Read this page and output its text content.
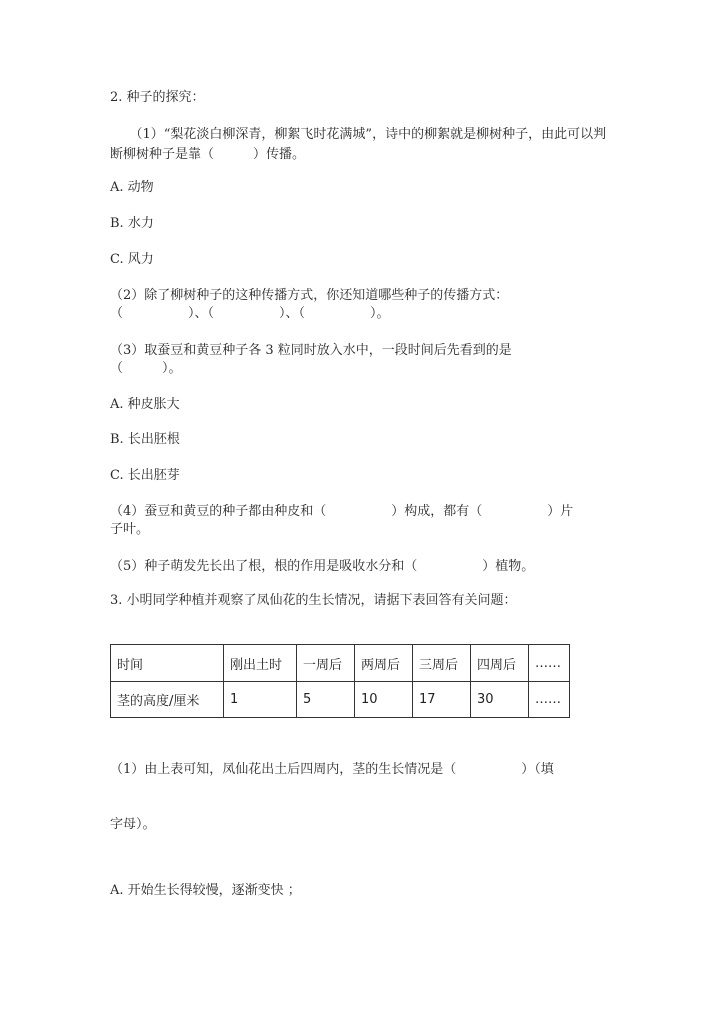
2. 种子的探究：
（1）“梨花淡白柳深青，柳絮飞时花满城”，诗中的柳絮就是柳树种子，由此可以判断柳树种子是靠（　　　）传播。
A. 动物
B. 水力
C. 风力
（2）除了柳树种子的这种传播方式，你还知道哪些种子的传播方式：
（　　　　　）、（　　　　　）、（　　　　　）。
（3）取蚕豆和黄豆种子各 3 粒同时放入水中，一段时间后先看到的是
（　　　）。
A. 种皮胀大
B. 长出胚根
C. 长出胚芽
（4）蚕豆和黄豆的种子都由种皮和（　　　　　）构成，都有（　　　　　）片
子叶。
（5）种子萌发先长出了根，根的作用是吸收水分和（　　　　　）植物。
3. 小明同学种植并观察了凤仙花的生长情况，请据下表回答有关问题：
时间	刚出土时	一周后	两周后	三周后	四周后	……
茎的高度/厘米	1	5	10	17	30	……
（1）由上表可知，凤仙花出土后四周内，茎的生长情况是（　　　　　）（填
字母）。
A. 开始生长得较慢，逐渐变快 ；
